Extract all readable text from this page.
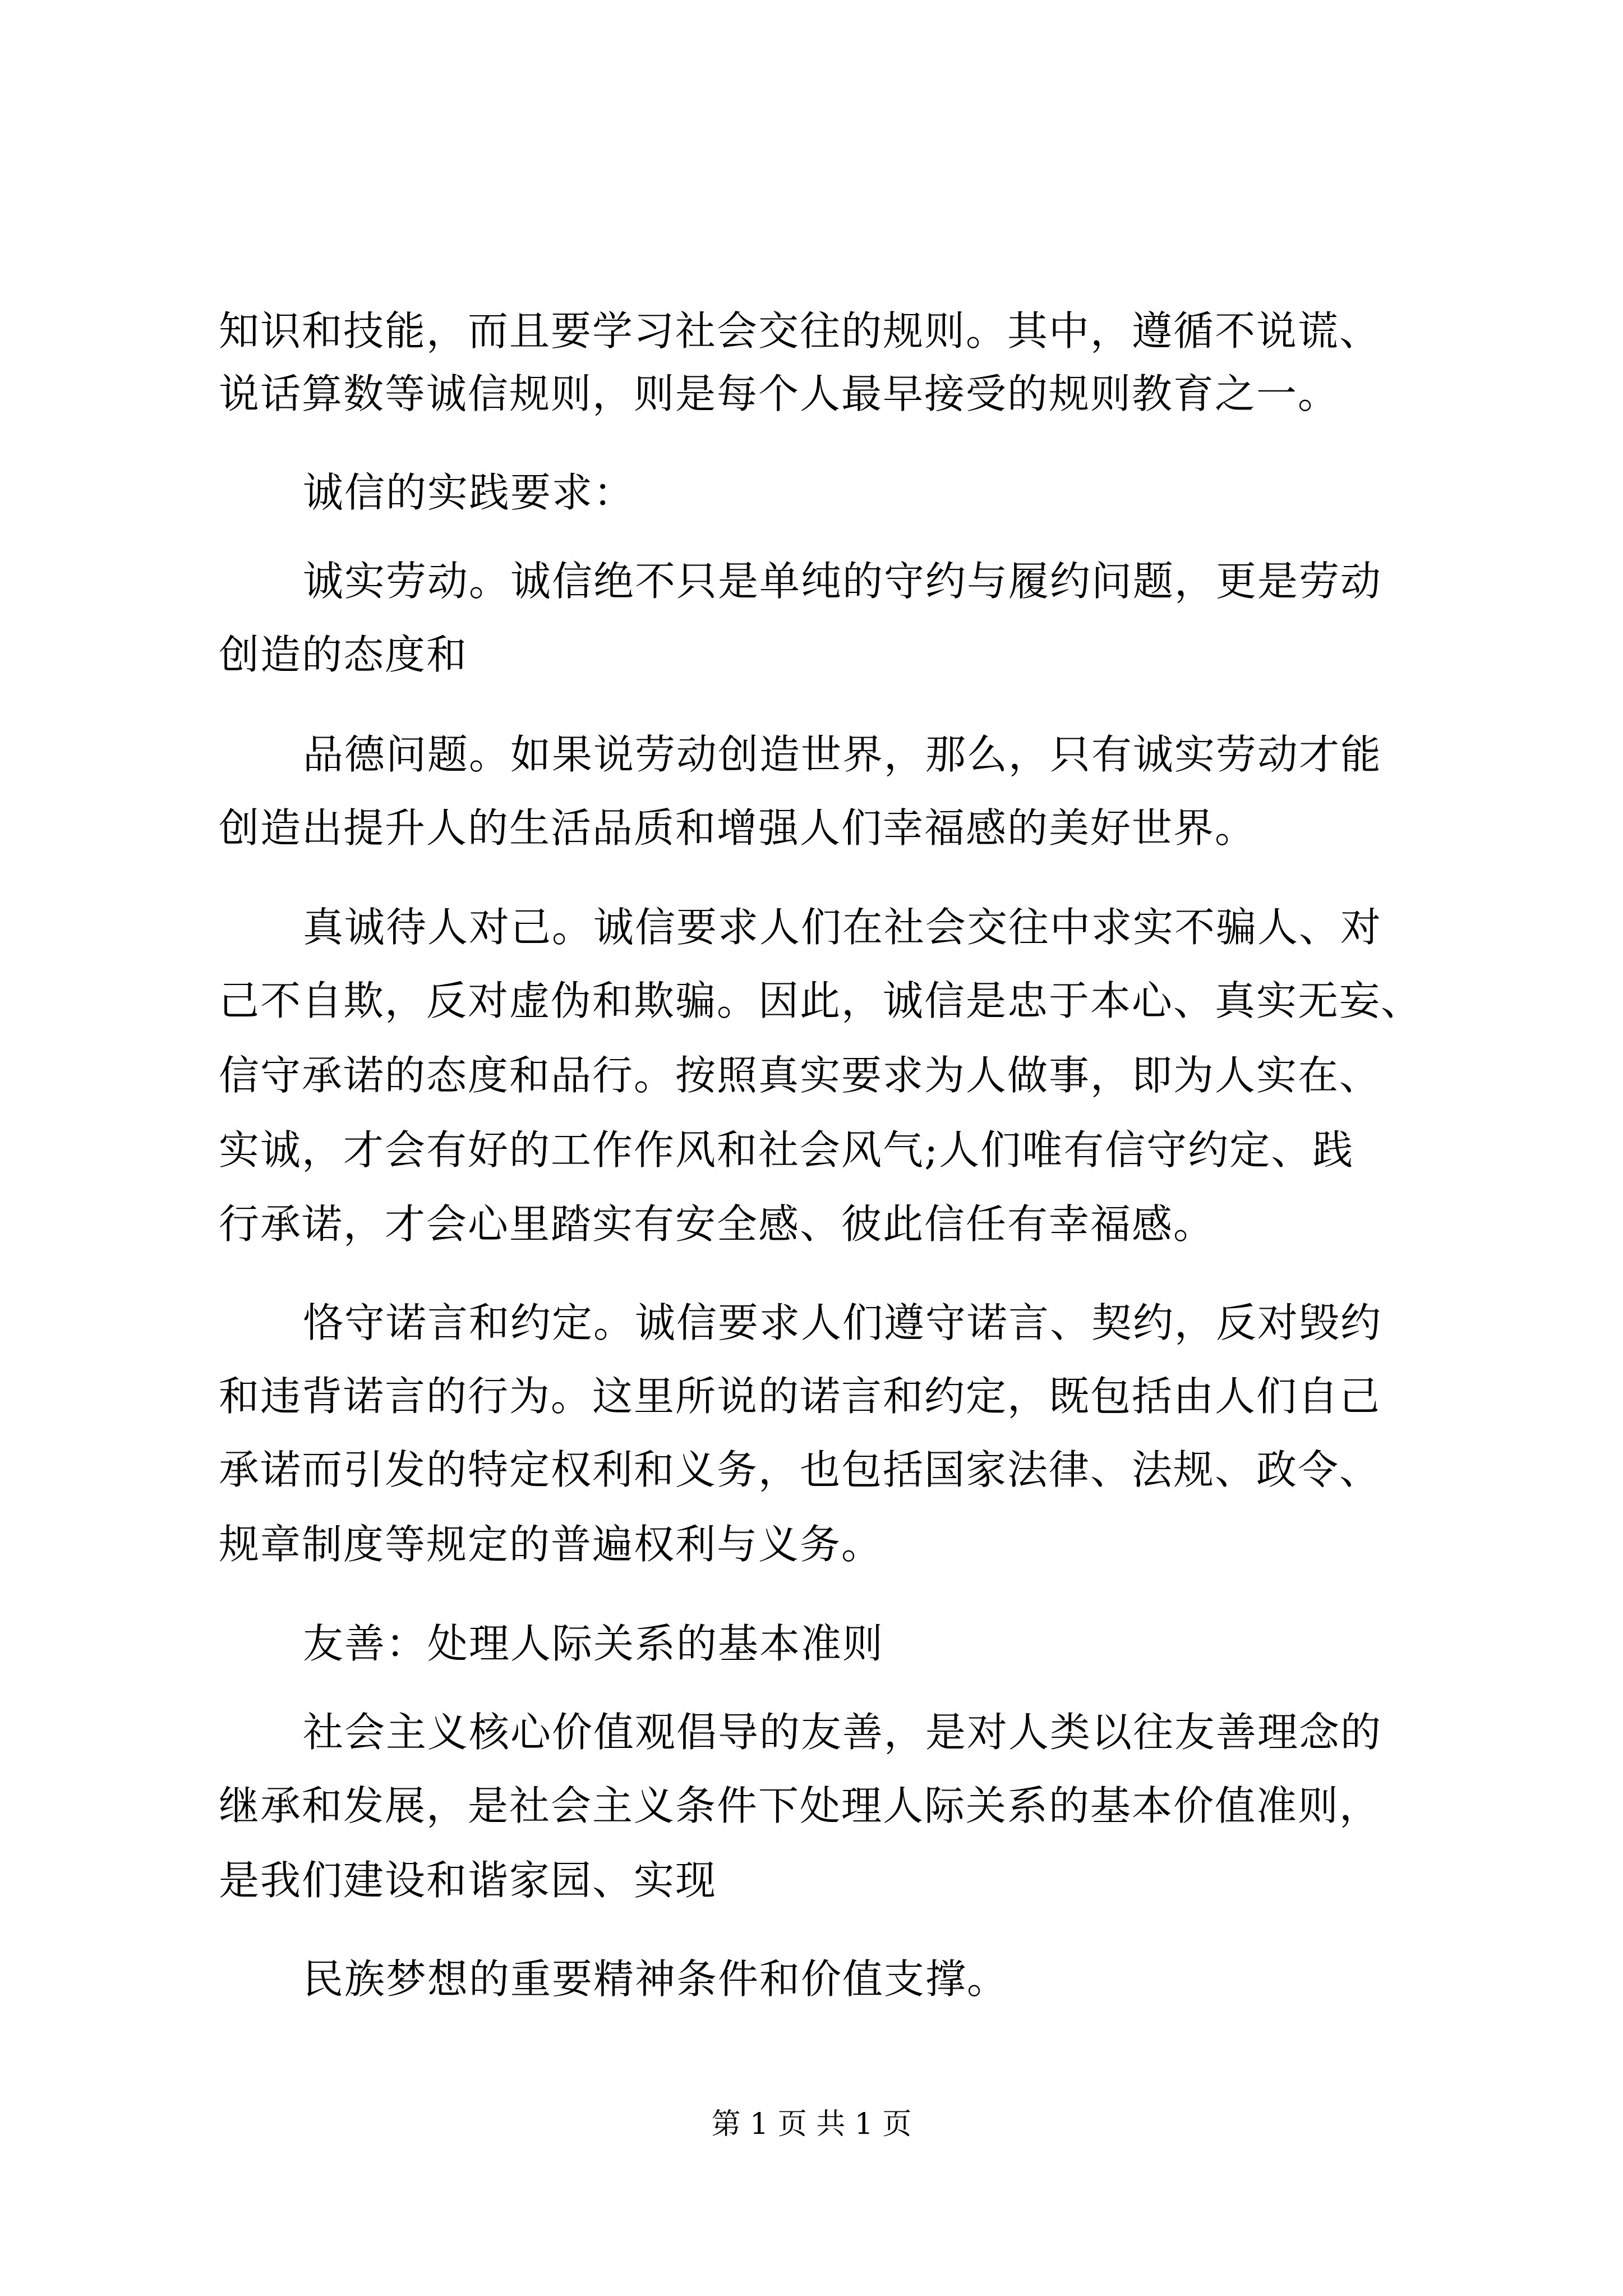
知识和技能，而且要学习社会交往的规则。其中，遵循不说谎、
说话算数等诚信规则，则是每个人最早接受的规则教育之一。
诚信的实践要求：
诚实劳动。诚信绝不只是单纯的守约与履约问题，更是劳动
创造的态度和
品德问题。如果说劳动创造世界，那么，只有诚实劳动才能
创造出提升人的生活品质和增强人们幸福感的美好世界。
真诚待人对己。诚信要求人们在社会交往中求实不骗人、对
己不自欺，反对虚伪和欺骗。因此，诚信是忠于本心、真实无妄、
信守承诺的态度和品行。按照真实要求为人做事，即为人实在、
实诚，才会有好的工作作风和社会风气;人们唯有信守约定、践
行承诺，才会心里踏实有安全感、彼此信任有幸福感。
恪守诺言和约定。诚信要求人们遵守诺言、契约，反对毁约
和违背诺言的行为。这里所说的诺言和约定，既包括由人们自己
承诺而引发的特定权利和义务，也包括国家法律、法规、政令、
规章制度等规定的普遍权利与义务。
友善：处理人际关系的基本准则
社会主义核心价值观倡导的友善，是对人类以往友善理念的
继承和发展，是社会主义条件下处理人际关系的基本价值准则，
是我们建设和谐家园、实现
民族梦想的重要精神条件和价值支撑。
第 1 页 共 1 页
